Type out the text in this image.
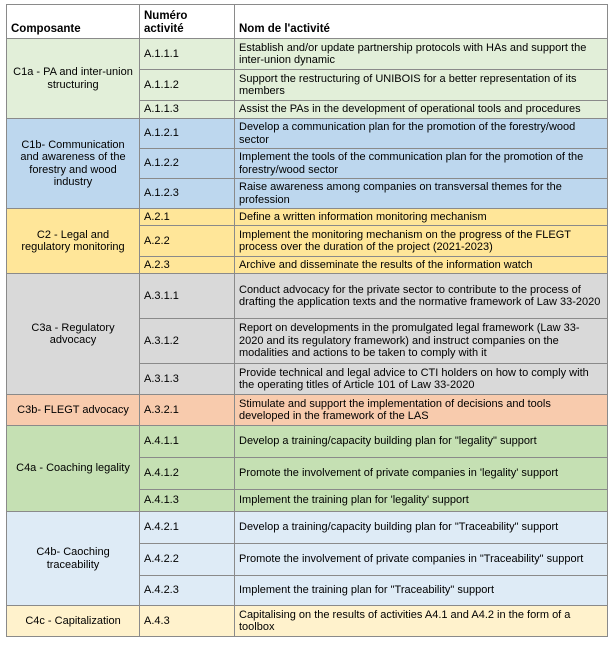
Composante	Numéro activité	Nom de l'activité
C1a - PA and inter-union structuring	A.1.1.1	Establish and/or update partnership protocols with HAs and support the inter-union dynamic
	A.1.1.2	Support the restructuring of UNIBOIS for a better representation of its members
	A.1.1.3	Assist the PAs in the development of operational tools and procedures
C1b- Communication and awareness of the forestry and wood industry	A.1.2.1	Develop a communication plan for the promotion of the forestry/wood sector
	A.1.2.2	Implement the tools of the communication plan for the promotion of the forestry/wood sector
	A.1.2.3	Raise awareness among companies on transversal themes for the profession
C2 - Legal and regulatory monitoring	A.2.1	Define a written information monitoring mechanism
	A.2.2	Implement the monitoring mechanism on the progress of the FLEGT process over the duration of the project (2021-2023)
	A.2.3	Archive and disseminate the results of the information watch
C3a - Regulatory advocacy	A.3.1.1	Conduct advocacy for the private sector to contribute to the process of drafting the application texts and the normative framework of Law 33-2020
	A.3.1.2	Report on developments in the promulgated legal framework (Law 33-2020 and its regulatory framework) and instruct companies on the modalities and actions to be taken to comply with it
	A.3.1.3	Provide technical and legal advice to CTI holders on how to comply with the operating titles of Article 101 of Law 33-2020
C3b- FLEGT advocacy	A.3.2.1	Stimulate and support the implementation of decisions and tools developed in the framework of the LAS
C4a - Coaching legality	A.4.1.1	Develop a training/capacity building plan for "legality" support
	A.4.1.2	Promote the involvement of private companies in 'legality' support
	A.4.1.3	Implement the training plan for 'legality' support
C4b- Caoching traceability	A.4.2.1	Develop a training/capacity building plan for "Traceability" support
	A.4.2.2	Promote the involvement of private companies in "Traceability" support
	A.4.2.3	Implement the training plan for "Traceability" support
C4c - Capitalization	A.4.3	Capitalising on the results of activities A4.1 and A4.2 in the form of a toolbox
